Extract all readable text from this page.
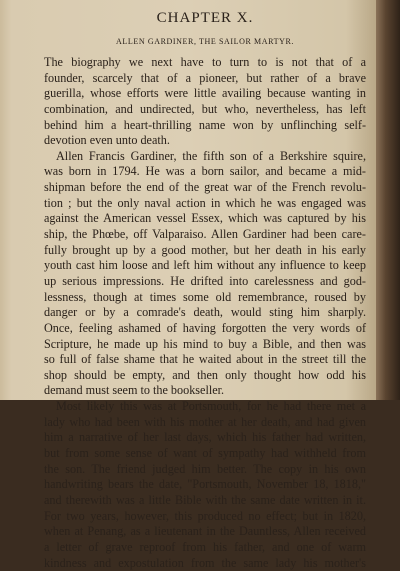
CHAPTER X.
ALLEN GARDINER, THE SAILOR MARTYR.
The biography we next have to turn to is not that of a
founder, scarcely that of a pioneer, but rather of a brave
guerilla, whose efforts were little availing because wanting in
combination, and undirected, but who, nevertheless, has left
behind him a heart-thrilling name won by unflinching self-
devotion even unto death.
Allen Francis Gardiner, the fifth son of a Berkshire squire,
was born in 1794. He was a born sailor, and became a mid-
shipman before the end of the great war of the French revolu-
tion ; but the only naval action in which he was engaged was
against the American vessel Essex, which was captured by his
ship, the Phœbe, off Valparaiso. Allen Gardiner had been care-
fully brought up by a good mother, but her death in his early
youth cast him loose and left him without any influence to keep
up serious impressions. He drifted into carelessness and god-
lessness, though at times some old remembrance, roused by
danger or by a comrade's death, would sting him sharply.
Once, feeling ashamed of having forgotten the very words of
Scripture, he made up his mind to buy a Bible, and then was
so full of false shame that he waited about in the street till the
shop should be empty, and then only thought how odd his
demand must seem to the bookseller.
Most likely this was at Portsmouth, for he had there met a
lady who had been with his mother at her death, and had given
him a narrative of her last days, which his father had written,
but from some sense of want of sympathy had withheld from
the son. The friend judged him better. The copy in his own
handwriting bears the date, "Portsmouth, November 18, 1818,"
and therewith was a little Bible with the same date written in it.
For two years, however, this produced no effect; but in 1820,
when at Penang, as a lieutenant in the Dauntless, Allen received
a letter of grave reproof from his father, and one of warm
kindness and expostulation from the same lady his mother's
